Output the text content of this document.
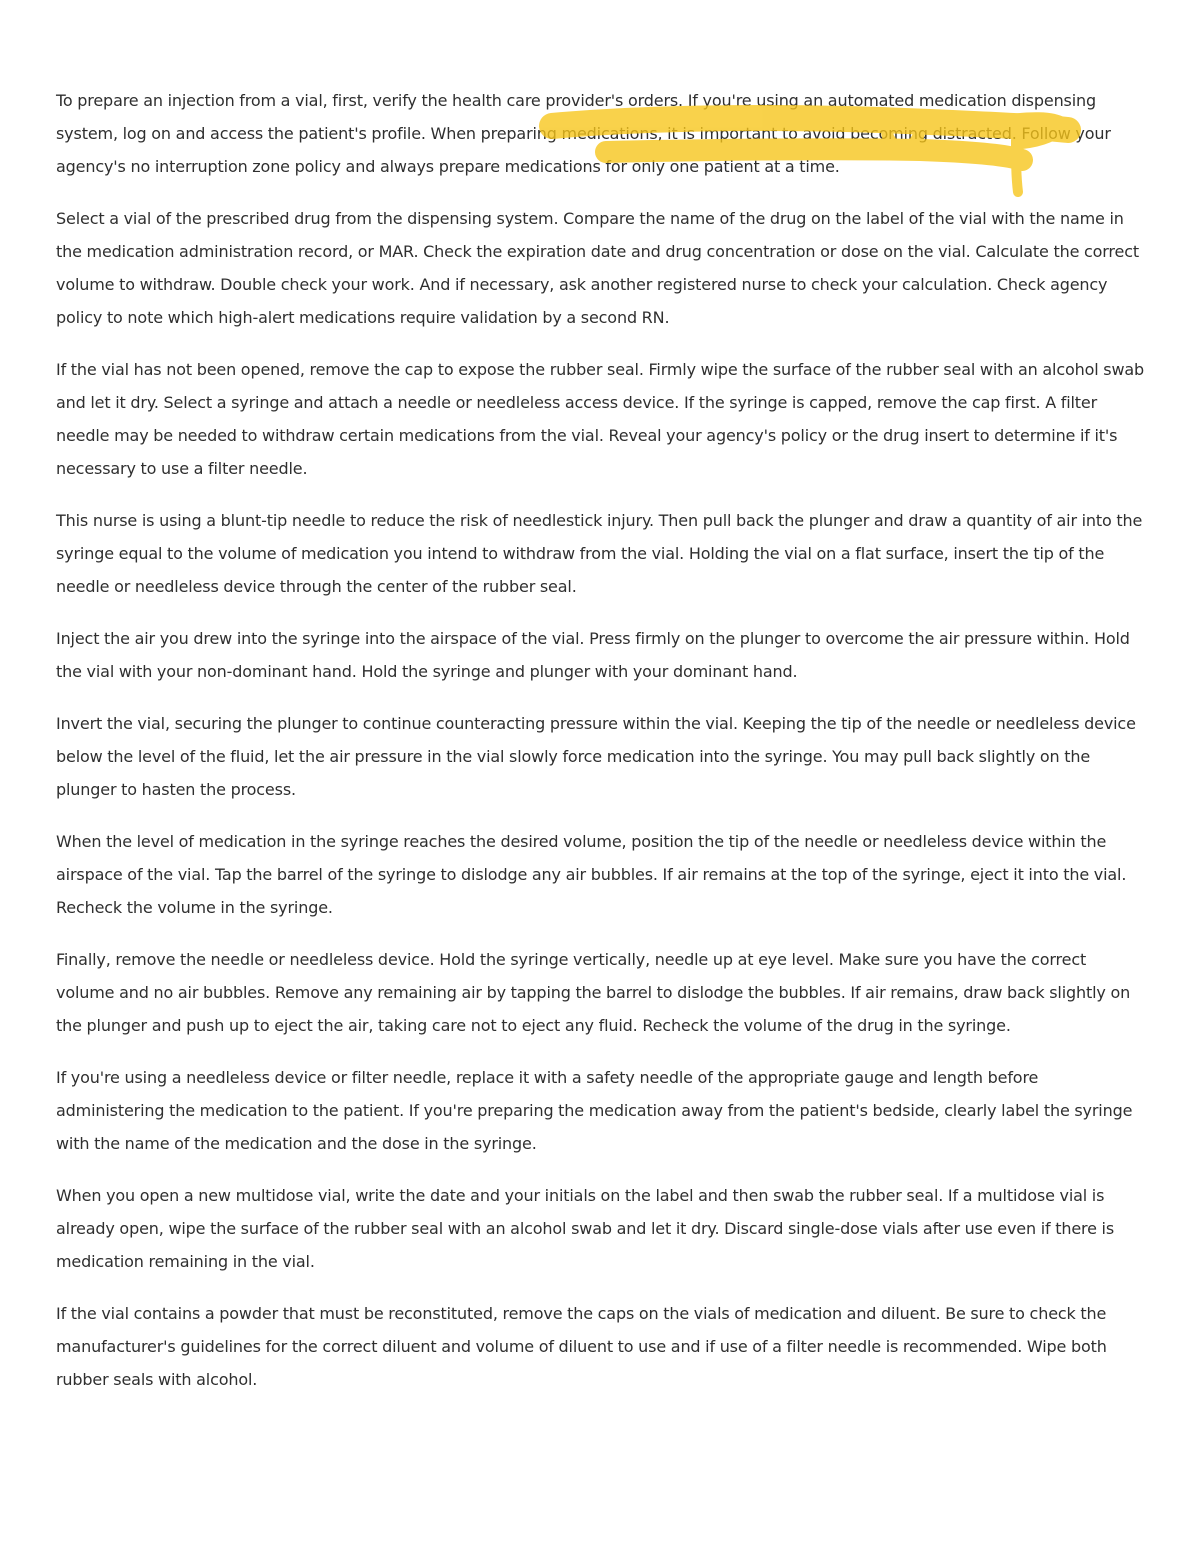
To prepare an injection from a vial, first, verify the health care provider's orders. If you're using an automated medication dispensing system, log on and access the patient's profile. When preparing medications, it is important to avoid becoming distracted. Follow your agency's no interruption zone policy and always prepare medications for only one patient at a time.

Select a vial of the prescribed drug from the dispensing system. Compare the name of the drug on the label of the vial with the name in the medication administration record, or MAR. Check the expiration date and drug concentration or dose on the vial. Calculate the correct volume to withdraw. Double check your work. And if necessary, ask another registered nurse to check your calculation. Check agency policy to note which high-alert medications require validation by a second RN.

If the vial has not been opened, remove the cap to expose the rubber seal. Firmly wipe the surface of the rubber seal with an alcohol swab and let it dry. Select a syringe and attach a needle or needleless access device. If the syringe is capped, remove the cap first. A filter needle may be needed to withdraw certain medications from the vial. Reveal your agency's policy or the drug insert to determine if it's necessary to use a filter needle.

This nurse is using a blunt-tip needle to reduce the risk of needlestick injury. Then pull back the plunger and draw a quantity of air into the syringe equal to the volume of medication you intend to withdraw from the vial. Holding the vial on a flat surface, insert the tip of the needle or needleless device through the center of the rubber seal.

Inject the air you drew into the syringe into the airspace of the vial. Press firmly on the plunger to overcome the air pressure within. Hold the vial with your non-dominant hand. Hold the syringe and plunger with your dominant hand.

Invert the vial, securing the plunger to continue counteracting pressure within the vial. Keeping the tip of the needle or needleless device below the level of the fluid, let the air pressure in the vial slowly force medication into the syringe. You may pull back slightly on the plunger to hasten the process.

When the level of medication in the syringe reaches the desired volume, position the tip of the needle or needleless device within the airspace of the vial. Tap the barrel of the syringe to dislodge any air bubbles. If air remains at the top of the syringe, eject it into the vial. Recheck the volume in the syringe.

Finally, remove the needle or needleless device. Hold the syringe vertically, needle up at eye level. Make sure you have the correct volume and no air bubbles. Remove any remaining air by tapping the barrel to dislodge the bubbles. If air remains, draw back slightly on the plunger and push up to eject the air, taking care not to eject any fluid. Recheck the volume of the drug in the syringe.

If you're using a needleless device or filter needle, replace it with a safety needle of the appropriate gauge and length before administering the medication to the patient. If you're preparing the medication away from the patient's bedside, clearly label the syringe with the name of the medication and the dose in the syringe.

When you open a new multidose vial, write the date and your initials on the label and then swab the rubber seal. If a multidose vial is already open, wipe the surface of the rubber seal with an alcohol swab and let it dry. Discard single-dose vials after use even if there is medication remaining in the vial.

If the vial contains a powder that must be reconstituted, remove the caps on the vials of medication and diluent. Be sure to check the manufacturer's guidelines for the correct diluent and volume of diluent to use and if use of a filter needle is recommended. Wipe both rubber seals with alcohol.
